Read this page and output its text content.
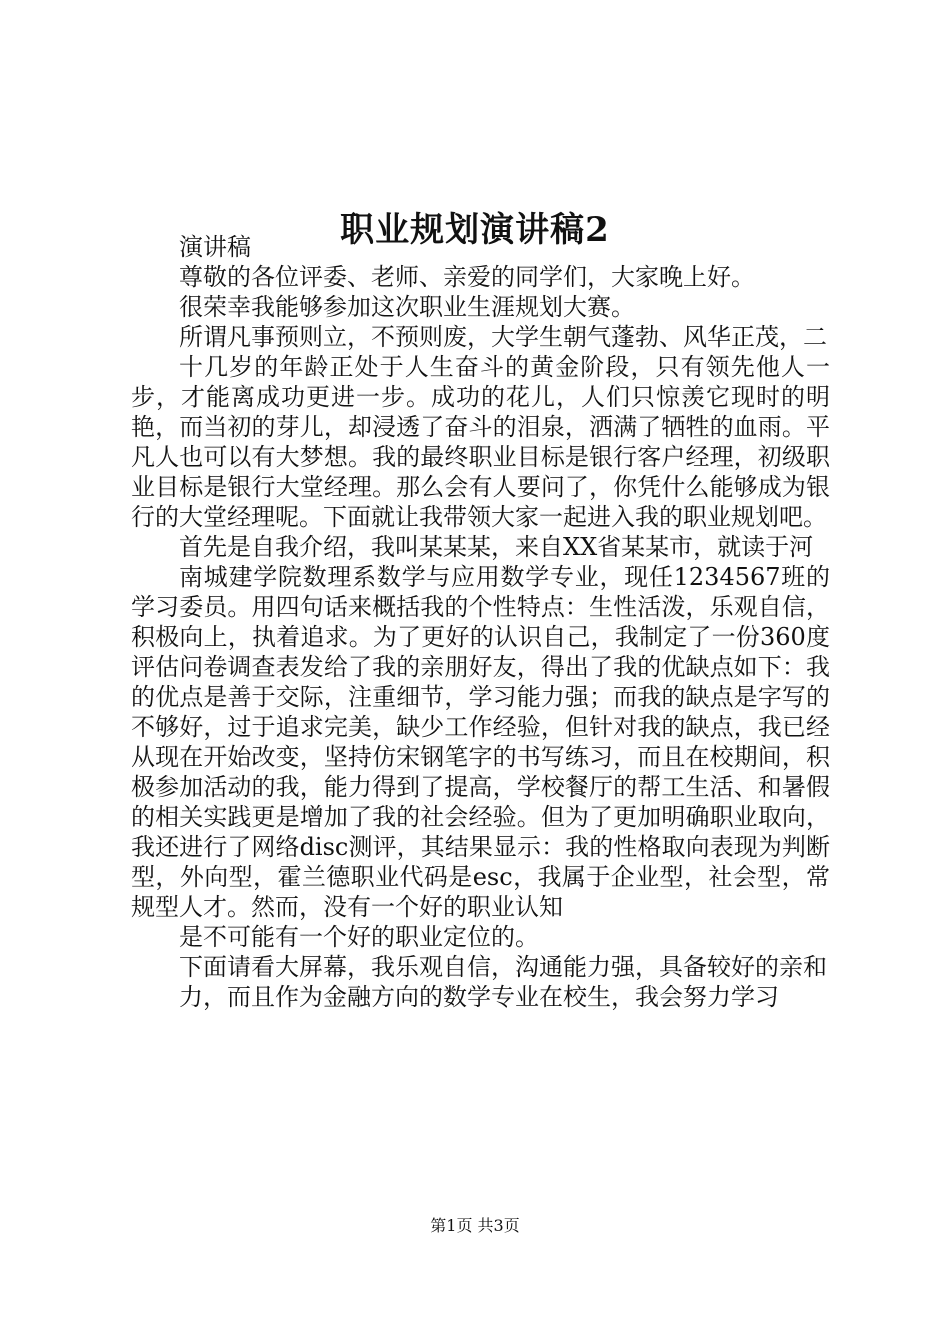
职业规划演讲稿2

演讲稿

尊敬的各位评委、老师、亲爱的同学们，大家晚上好。

很荣幸我能够参加这次职业生涯规划大赛。

所谓凡事预则立，不预则废，大学生朝气蓬勃、风华正茂，二

十几岁的年龄正处于人生奋斗的黄金阶段，只有领先他人一步，才能离成功更进一步。成功的花儿，人们只惊羡它现时的明艳，而当初的芽儿，却浸透了奋斗的泪泉，洒满了牺牲的血雨。平凡人也可以有大梦想。我的最终职业目标是银行客户经理，初级职业目标是银行大堂经理。那么会有人要问了，你凭什么能够成为银行的大堂经理呢。下面就让我带领大家一起进入我的职业规划吧。

首先是自我介绍，我叫某某某，来自XX省某某市，就读于河

南城建学院数理系数学与应用数学专业，现任1234567班的学习委员。用四句话来概括我的个性特点：生性活泼，乐观自信，积极向上，执着追求。为了更好的认识自己，我制定了一份360度评估问卷调查表发给了我的亲朋好友，得出了我的优缺点如下：我的优点是善于交际，注重细节，学习能力强；而我的缺点是字写的不够好，过于追求完美，缺少工作经验，但针对我的缺点，我已经从现在开始改变，坚持仿宋钢笔字的书写练习，而且在校期间，积极参加活动的我，能力得到了提高，学校餐厅的帮工生活、和暑假的相关实践更是增加了我的社会经验。但为了更加明确职业取向，我还进行了网络disc测评，其结果显示：我的性格取向表现为判断型，外向型，霍兰德职业代码是esc，我属于企业型，社会型，常规型人才。然而，没有一个好的职业认知

是不可能有一个好的职业定位的。

下面请看大屏幕，我乐观自信，沟通能力强，具备较好的亲和

力，而且作为金融方向的数学专业在校生，我会努力学习

第1页 共3页
